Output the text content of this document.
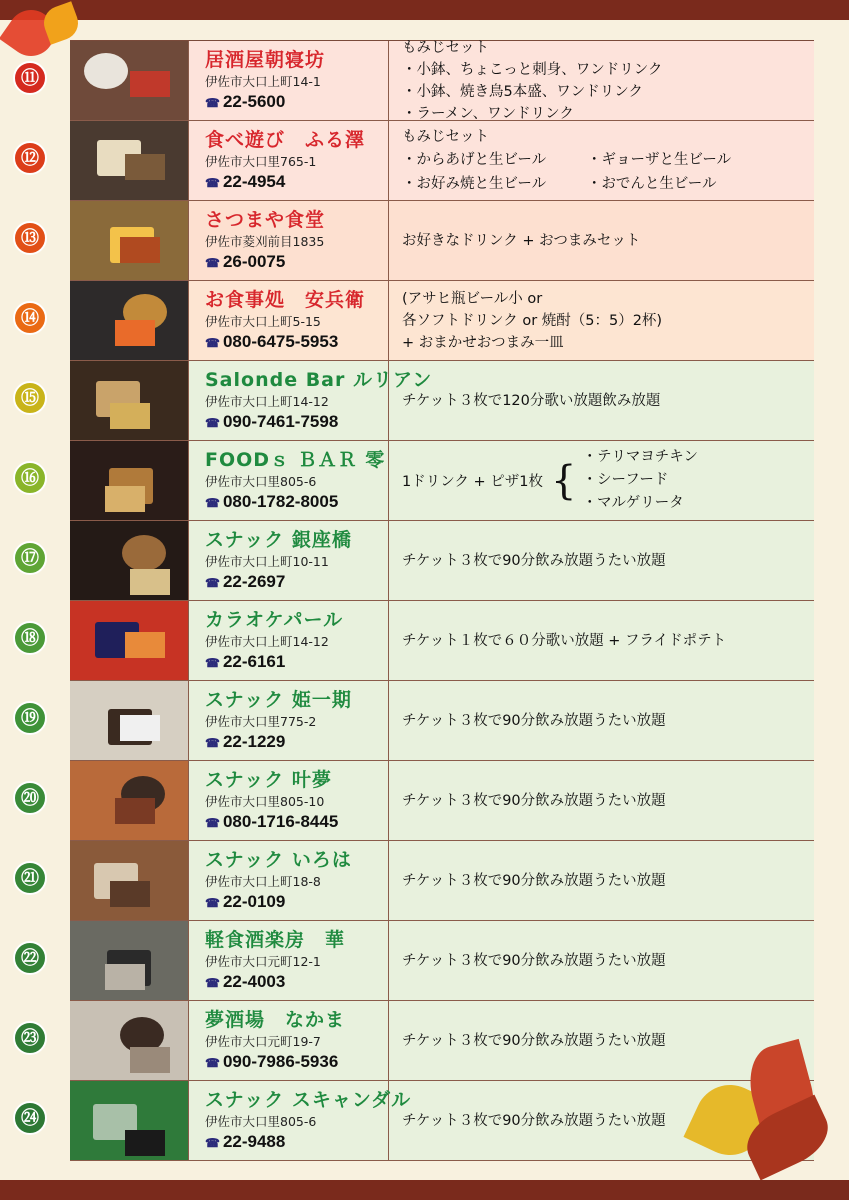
⑪
居酒屋朝寝坊
伊佐市大口上町14-1
☎ 22-5600
もみじセット
・小鉢、ちょこっと刺身、ワンドリンク
・小鉢、焼き鳥5本盛、ワンドリンク
・ラーメン、ワンドリンク
⑫
食べ遊び　ふる澤
伊佐市大口里765-1
☎ 22-4954
もみじセット
・からあげと生ビール	・ギョーザと生ビール
・お好み焼と生ビール	・おでんと生ビール
⑬
さつまや食堂
伊佐市菱刈前目1835
☎ 26-0075
お好きなドリンク + おつまみセット
⑭
お食事処　安兵衛
伊佐市大口上町5-15
☎ 080-6475-5953
(アサヒ瓶ビール小 or
各ソフトドリンク or 焼酎（5：5）2杯)
+ おまかせおつまみ一皿
⑮
Salonde Bar ルリアン
伊佐市大口上町14-12
☎ 090-7461-7598
チケット３枚で120分歌い放題飲み放題
⑯
FOODｓ ＢＡＲ 零
伊佐市大口里805-6
☎ 080-1782-8005
1ドリンク + ピザ1枚 {
・テリマヨチキン
・シーフード
・マルゲリータ
⑰
スナック 銀座橋
伊佐市大口上町10-11
☎ 22-2697
チケット３枚で90分飲み放題うたい放題
⑱
カラオケパール
伊佐市大口上町14-12
☎ 22-6161
チケット１枚で６０分歌い放題 + フライドポテト
⑲
スナック 姫一期
伊佐市大口里775-2
☎ 22-1229
チケット３枚で90分飲み放題うたい放題
⑳
スナック 叶夢
伊佐市大口里805-10
☎ 080-1716-8445
チケット３枚で90分飲み放題うたい放題
㉑
スナック いろは
伊佐市大口上町18-8
☎ 22-0109
チケット３枚で90分飲み放題うたい放題
㉒
軽食酒楽房　華
伊佐市大口元町12-1
☎ 22-4003
チケット３枚で90分飲み放題うたい放題
㉓
夢酒場　なかま
伊佐市大口元町19-7
☎ 090-7986-5936
チケット３枚で90分飲み放題うたい放題
㉔
スナック スキャンダル
伊佐市大口里805-6
☎ 22-9488
チケット３枚で90分飲み放題うたい放題
